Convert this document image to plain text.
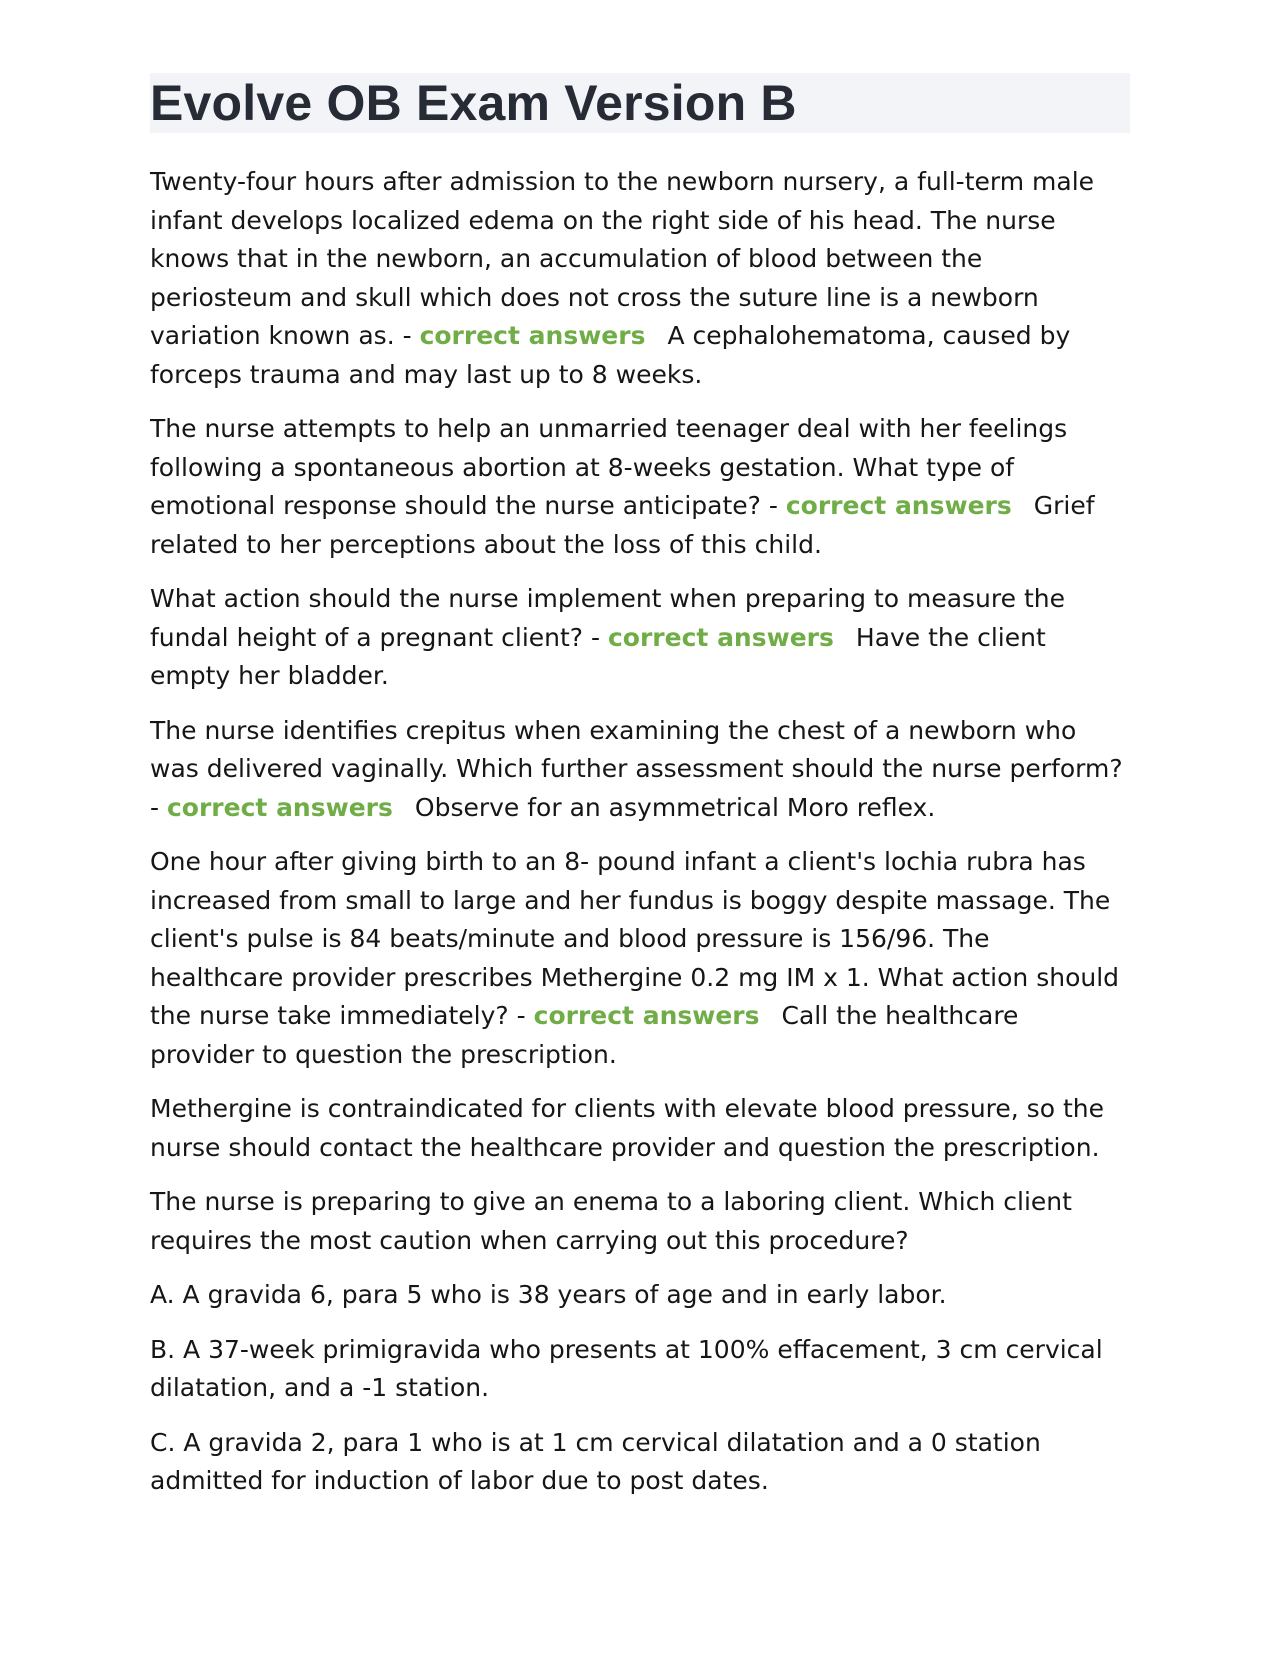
Evolve OB Exam Version B

Twenty-four hours after admission to the newborn nursery, a full-term male infant develops localized edema on the right side of his head. The nurse knows that in the newborn, an accumulation of blood between the periosteum and skull which does not cross the suture line is a newborn variation known as. - correct answers A cephalohematoma, caused by forceps trauma and may last up to 8 weeks.

The nurse attempts to help an unmarried teenager deal with her feelings following a spontaneous abortion at 8-weeks gestation. What type of emotional response should the nurse anticipate? - correct answers Grief related to her perceptions about the loss of this child.

What action should the nurse implement when preparing to measure the fundal height of a pregnant client? - correct answers Have the client empty her bladder.

The nurse identifies crepitus when examining the chest of a newborn who was delivered vaginally. Which further assessment should the nurse perform? - correct answers Observe for an asymmetrical Moro reflex.

One hour after giving birth to an 8- pound infant a client's lochia rubra has increased from small to large and her fundus is boggy despite massage. The client's pulse is 84 beats/minute and blood pressure is 156/96. The healthcare provider prescribes Methergine 0.2 mg IM x 1. What action should the nurse take immediately? - correct answers Call the healthcare provider to question the prescription.

Methergine is contraindicated for clients with elevate blood pressure, so the nurse should contact the healthcare provider and question the prescription.

The nurse is preparing to give an enema to a laboring client. Which client requires the most caution when carrying out this procedure?

A. A gravida 6, para 5 who is 38 years of age and in early labor.

B. A 37-week primigravida who presents at 100% effacement, 3 cm cervical dilatation, and a -1 station.

C. A gravida 2, para 1 who is at 1 cm cervical dilatation and a 0 station admitted for induction of labor due to post dates.
